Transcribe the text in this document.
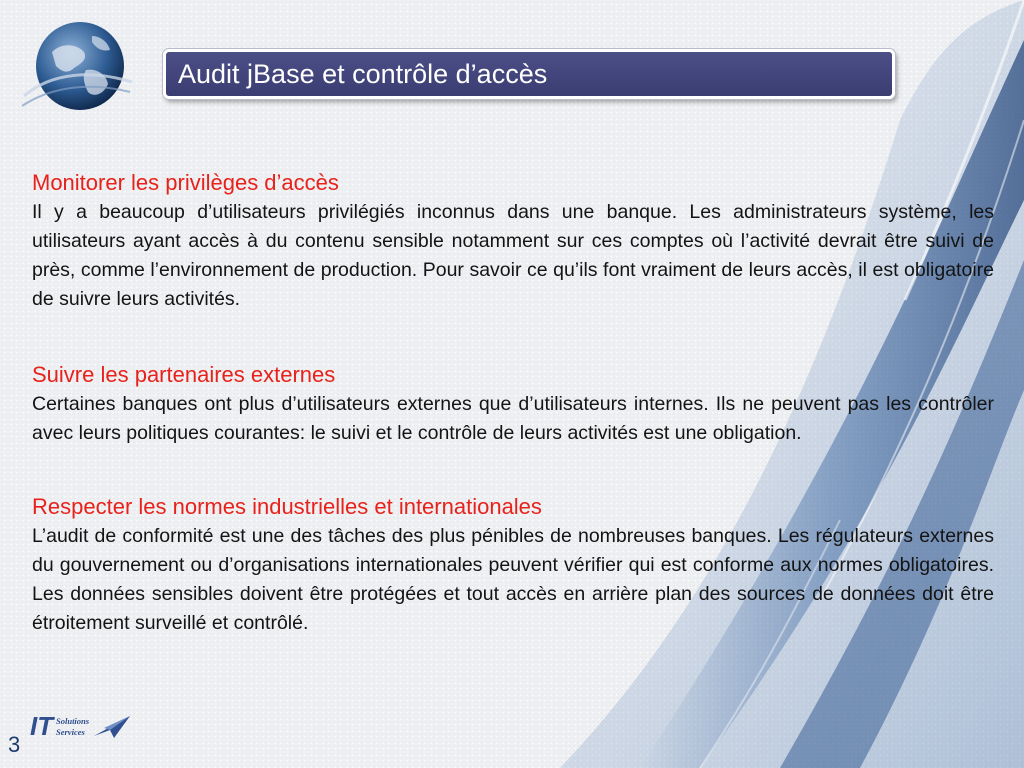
Audit jBase et contrôle d’accès

Monitorer les privilèges d’accès

Il y a beaucoup d’utilisateurs privilégiés inconnus dans une banque. Les administrateurs système, les utilisateurs ayant accès à du contenu sensible notamment sur ces comptes où l’activité devrait être suivi de près, comme l’environnement de production. Pour savoir ce qu’ils font vraiment de leurs accès, il est obligatoire de suivre leurs activités.

Suivre les partenaires externes

Certaines banques ont plus d’utilisateurs externes que d’utilisateurs internes. Ils ne peuvent pas les contrôler avec leurs politiques courantes: le suivi et le contrôle de leurs activités est une obligation.

Respecter les normes industrielles et internationales

L’audit de conformité est une des tâches des plus pénibles de nombreuses banques. Les régulateurs externes du gouvernement ou d’organisations internationales peuvent vérifier qui est conforme aux normes obligatoires. Les données sensibles doivent être protégées et tout accès en arrière plan des sources de données doit être étroitement surveillé et contrôlé.

IT Solutions
Services
3
